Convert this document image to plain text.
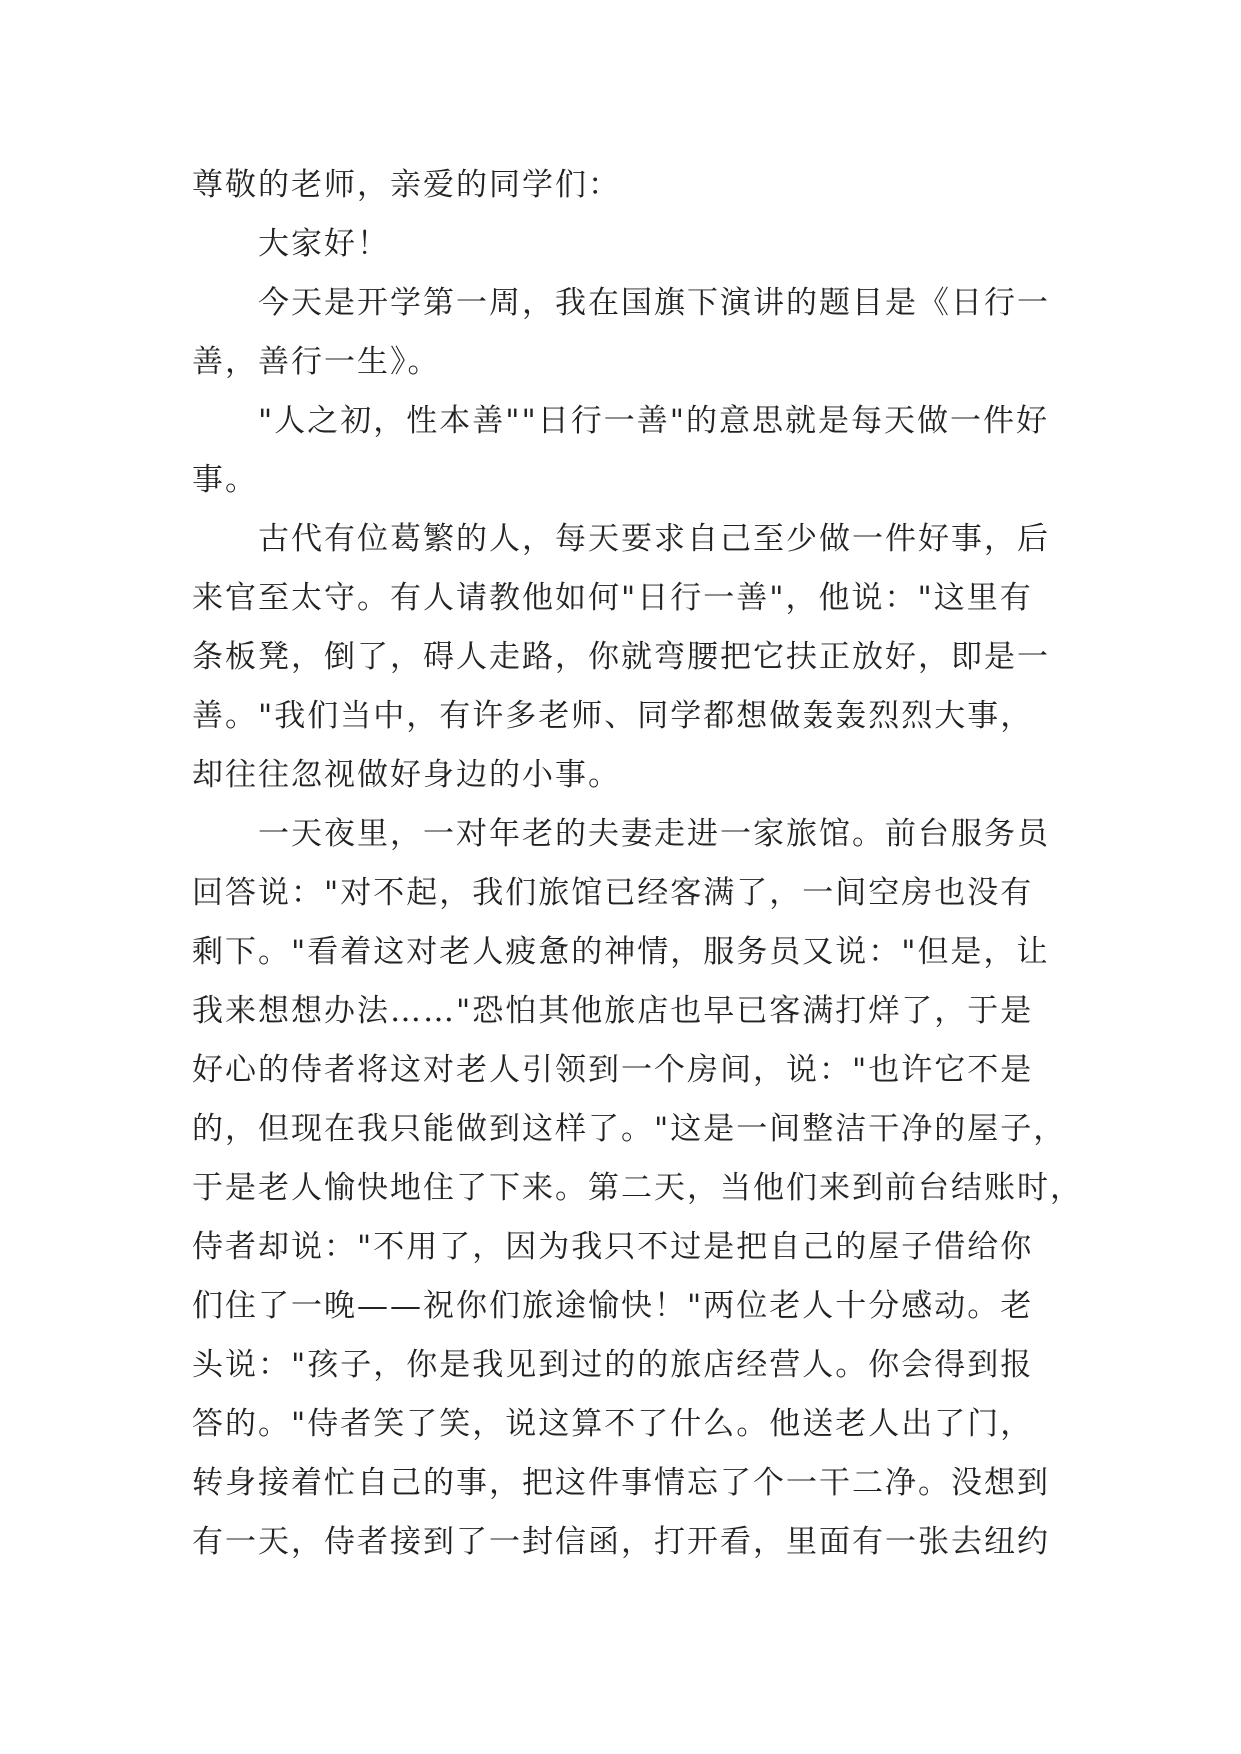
尊敬的老师，亲爱的同学们：
大家好！
今天是开学第一周，我在国旗下演讲的题目是《日行一
善，善行一生》。
"人之初，性本善""日行一善"的意思就是每天做一件好
事。
古代有位葛繁的人，每天要求自己至少做一件好事，后
来官至太守。有人请教他如何"日行一善"，他说："这里有
条板凳，倒了，碍人走路，你就弯腰把它扶正放好，即是一
善。"我们当中，有许多老师、同学都想做轰轰烈烈大事，
却往往忽视做好身边的小事。
一天夜里，一对年老的夫妻走进一家旅馆。前台服务员
回答说："对不起，我们旅馆已经客满了，一间空房也没有
剩下。"看着这对老人疲惫的神情，服务员又说："但是，让
我来想想办法……"恐怕其他旅店也早已客满打烊了，于是
好心的侍者将这对老人引领到一个房间，说："也许它不是
的，但现在我只能做到这样了。"这是一间整洁干净的屋子，
于是老人愉快地住了下来。第二天，当他们来到前台结账时，
侍者却说："不用了，因为我只不过是把自己的屋子借给你
们住了一晚——祝你们旅途愉快！"两位老人十分感动。老
头说："孩子，你是我见到过的的旅店经营人。你会得到报
答的。"侍者笑了笑，说这算不了什么。他送老人出了门，
转身接着忙自己的事，把这件事情忘了个一干二净。没想到
有一天，侍者接到了一封信函，打开看，里面有一张去纽约
